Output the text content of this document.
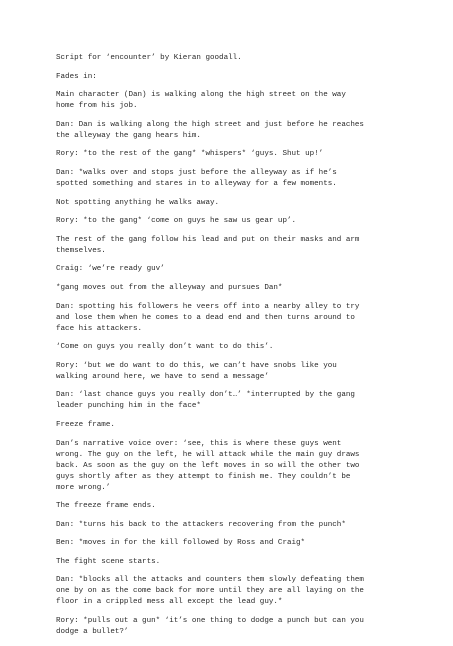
Script for ‘encounter’ by Kieran goodall.

Fades in:

Main character (Dan) is walking along the high street on the way
home from his job.

Dan: Dan is walking along the high street and just before he reaches
the alleyway the gang hears him.

Rory: *to the rest of the gang* *whispers* ‘guys. Shut up!’

Dan: *walks over and stops just before the alleyway as if he’s
spotted something and stares in to alleyway for a few moments.

Not spotting anything he walks away.

Rory: *to the gang* ‘come on guys he saw us gear up’.

The rest of the gang follow his lead and put on their masks and arm
themselves.

Craig: ‘we’re ready guv’

*gang moves out from the alleyway and pursues Dan*

Dan: spotting his followers he veers off into a nearby alley to try
and lose them when he comes to a dead end and then turns around to
face his attackers.

‘Come on guys you really don’t want to do this’.

Rory: ‘but we do want to do this, we can’t have snobs like you
walking around here, we have to send a message’

Dan: ‘last chance guys you really don’t…’ *interrupted by the gang
leader punching him in the face*

Freeze frame.

Dan’s narrative voice over: ‘see, this is where these guys went
wrong. The guy on the left, he will attack while the main guy draws
back. As soon as the guy on the left moves in so will the other two
guys shortly after as they attempt to finish me. They couldn’t be
more wrong.’

The freeze frame ends.

Dan: *turns his back to the attackers recovering from the punch*

Ben: *moves in for the kill followed by Ross and Craig*

The fight scene starts.

Dan: *blocks all the attacks and counters them slowly defeating them
one by on as the come back for more until they are all laying on the
floor in a crippled mess all except the lead guy.*

Rory: *pulls out a gun* ‘it’s one thing to dodge a punch but can you
dodge a bullet?’
